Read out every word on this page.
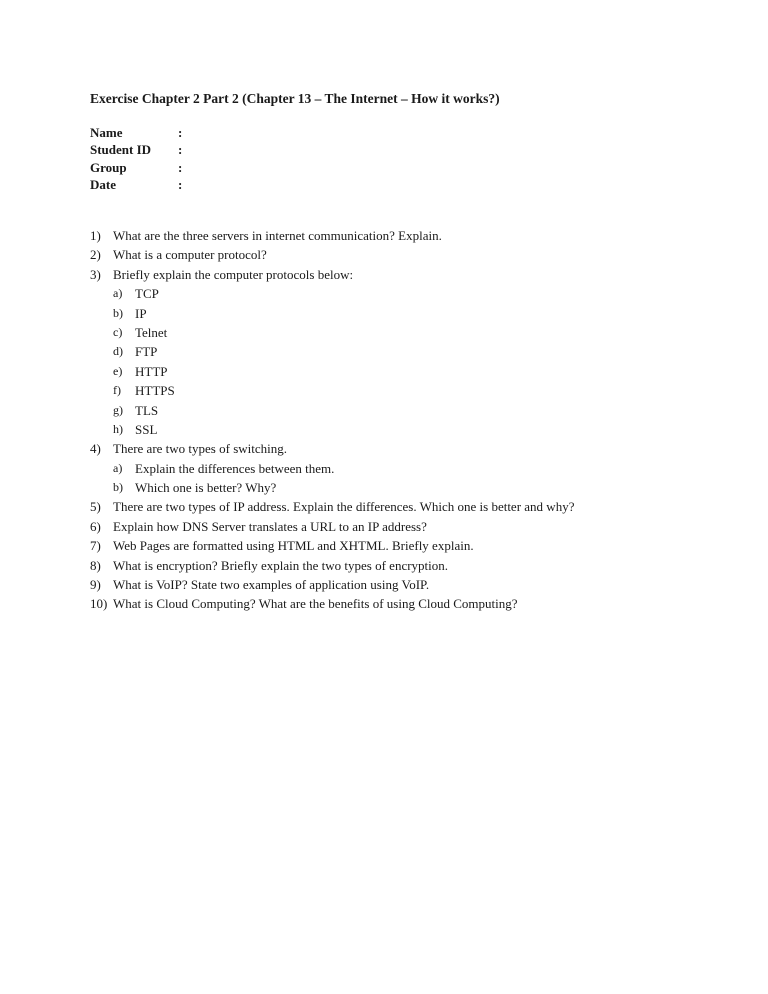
Exercise Chapter 2 Part 2 (Chapter 13 – The Internet – How it works?)
Name	:
Student ID :
Group	:
Date	:
1) What are the three servers in internet communication? Explain.
2) What is a computer protocol?
3) Briefly explain the computer protocols below:
a) TCP
b) IP
c) Telnet
d) FTP
e) HTTP
f) HTTPS
g) TLS
h) SSL
4) There are two types of switching.
a) Explain the differences between them.
b) Which one is better? Why?
5) There are two types of IP address. Explain the differences. Which one is better and why?
6) Explain how DNS Server translates a URL to an IP address?
7) Web Pages are formatted using HTML and XHTML. Briefly explain.
8) What is encryption? Briefly explain the two types of encryption.
9) What is VoIP? State two examples of application using VoIP.
10) What is Cloud Computing? What are the benefits of using Cloud Computing?
